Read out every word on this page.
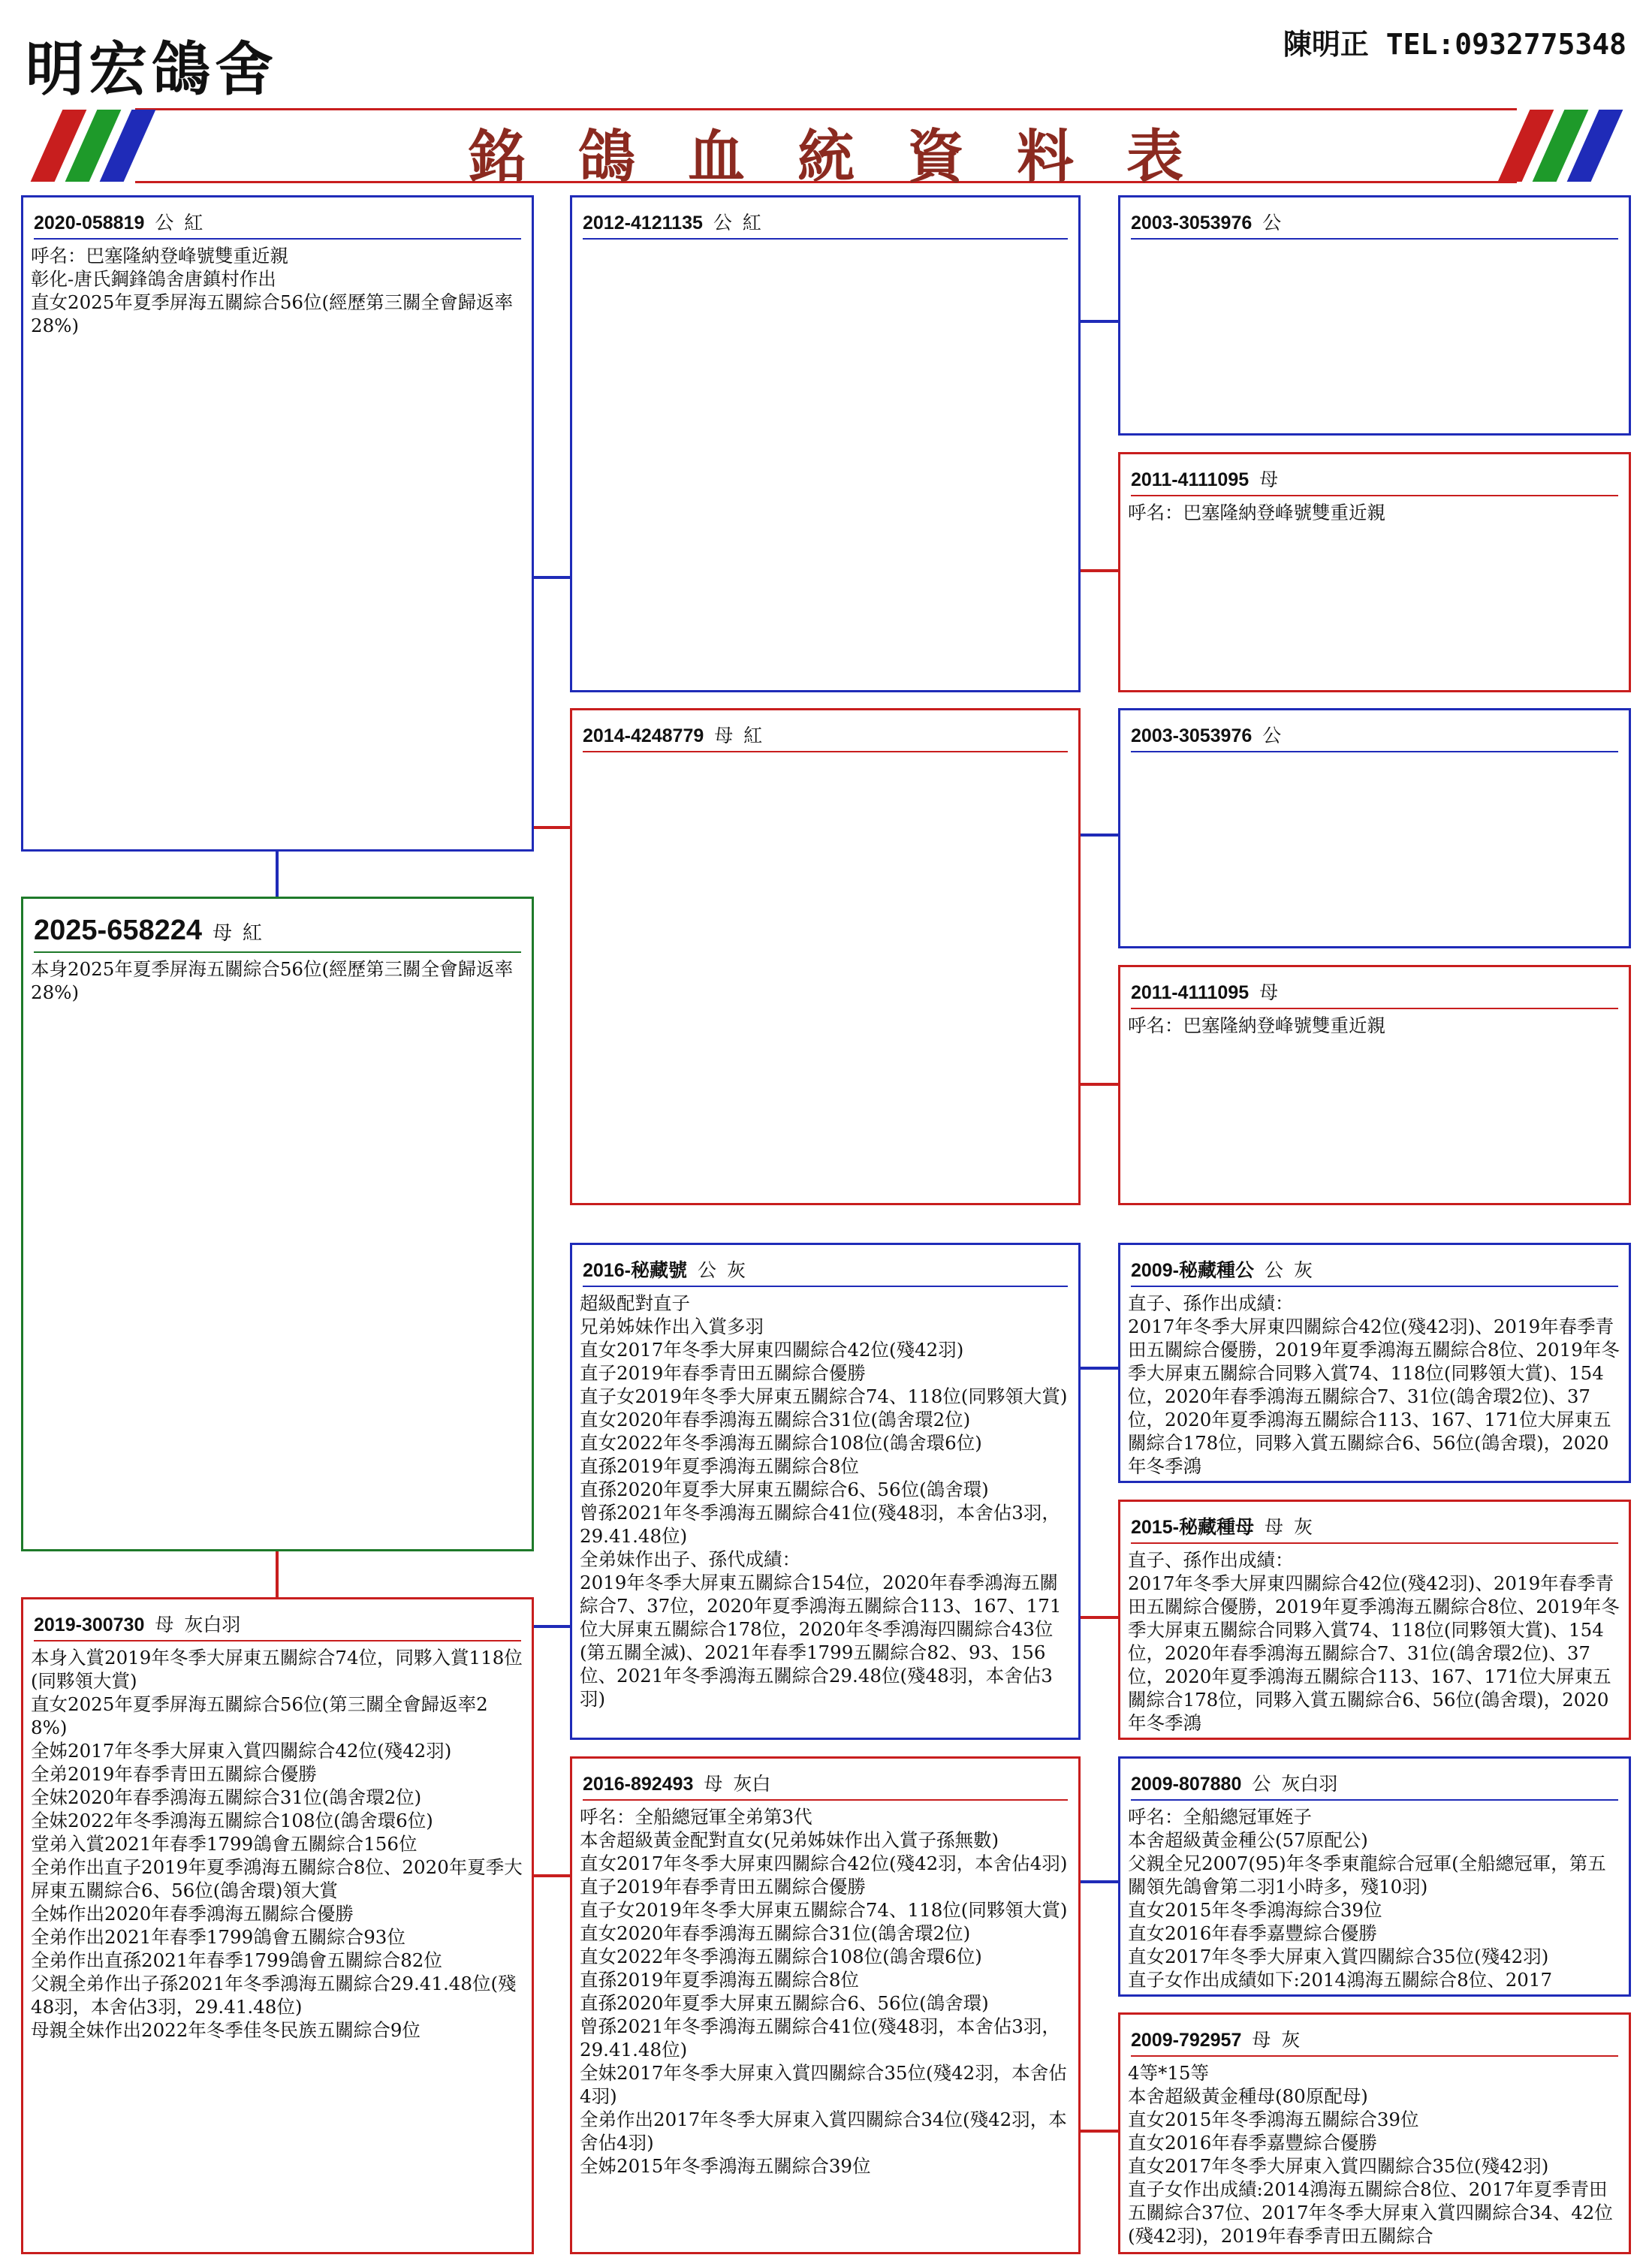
明宏鴿舍	陳明正 TEL:0932775348
銘鴿血統資料表
2020-058819 公 紅
呼名：巴塞隆納登峰號雙重近親
彰化-唐氏鋼鋒鴿舍唐鎮村作出
直女2025年夏季屏海五關綜合56位(經歷第三關全會歸返率28%)
2025-658224 母 紅
本身2025年夏季屏海五關綜合56位(經歷第三關全會歸返率28%)
2019-300730 母 灰白羽
本身入賞2019年冬季大屏東五關綜合74位，同夥入賞118位(同夥領大賞)
直女2025年夏季屏海五關綜合56位(第三關全會歸返率28%)
全姊2017年冬季大屏東入賞四關綜合42位(殘42羽)
全弟2019年春季青田五關綜合優勝
全妹2020年春季鴻海五關綜合31位(鴿舍環2位)
全妹2022年冬季鴻海五關綜合108位(鴿舍環6位)
堂弟入賞2021年春季1799鴿會五關綜合156位
全弟作出直子2019年夏季鴻海五關綜合8位、2020年夏季大屏東五關綜合6、56位(鴿舍環)領大賞
全姊作出2020年春季鴻海五關綜合優勝
全弟作出2021年春季1799鴿會五關綜合93位
全弟作出直孫2021年春季1799鴿會五關綜合82位
父親全弟作出子孫2021年冬季鴻海五關綜合29.41.48位(殘48羽，本舍佔3羽，29.41.48位)
母親全妹作出2022年冬季佳冬民族五關綜合9位
2012-4121135 公 紅
2014-4248779 母 紅
2016-秘藏號 公 灰
超級配對直子
兄弟姊妹作出入賞多羽
直女2017年冬季大屏東四關綜合42位(殘42羽)
直子2019年春季青田五關綜合優勝
直子女2019年冬季大屏東五關綜合74、118位(同夥領大賞)
直女2020年春季鴻海五關綜合31位(鴿舍環2位)
直女2022年冬季鴻海五關綜合108位(鴿舍環6位)
直孫2019年夏季鴻海五關綜合8位
直孫2020年夏季大屏東五關綜合6、56位(鴿舍環)
曾孫2021年冬季鴻海五關綜合41位(殘48羽，本舍佔3羽，29.41.48位)
全弟妹作出子、孫代成績：
2019年冬季大屏東五關綜合154位，2020年春季鴻海五關綜合7、37位，2020年夏季鴻海五關綜合113、167、171位大屏東五關綜合178位，2020年冬季鴻海四關綜合43位(第五關全滅)、2021年春季1799五關綜合82、93、156位、2021年冬季鴻海五關綜合29.48位(殘48羽，本舍佔3羽)
2016-892493 母 灰白
呼名：全船總冠軍全弟第3代
本舍超級黃金配對直女(兄弟姊妹作出入賞子孫無數)
直女2017年冬季大屏東四關綜合42位(殘42羽，本舍佔4羽)
直子2019年春季青田五關綜合優勝
直子女2019年冬季大屏東五關綜合74、118位(同夥領大賞)
直女2020年春季鴻海五關綜合31位(鴿舍環2位)
直女2022年冬季鴻海五關綜合108位(鴿舍環6位)
直孫2019年夏季鴻海五關綜合8位
直孫2020年夏季大屏東五關綜合6、56位(鴿舍環)
曾孫2021年冬季鴻海五關綜合41位(殘48羽，本舍佔3羽，29.41.48位)
全妹2017年冬季大屏東入賞四關綜合35位(殘42羽，本舍佔4羽)
全弟作出2017年冬季大屏東入賞四關綜合34位(殘42羽，本舍佔4羽)
全姊2015年冬季鴻海五關綜合39位
2003-3053976 公
2011-4111095 母
呼名：巴塞隆納登峰號雙重近親
2003-3053976 公
2011-4111095 母
呼名：巴塞隆納登峰號雙重近親
2009-秘藏種公 公 灰
直子、孫作出成績：
2017年冬季大屏東四關綜合42位(殘42羽)、2019年春季青田五關綜合優勝，2019年夏季鴻海五關綜合8位、2019年冬季大屏東五關綜合同夥入賞74、118位(同夥領大賞)、154位，2020年春季鴻海五關綜合7、31位(鴿舍環2位)、37位，2020年夏季鴻海五關綜合113、167、171位大屏東五關綜合178位，同夥入賞五關綜合6、56位(鴿舍環)，2020年冬季鴻
2015-秘藏種母 母 灰
直子、孫作出成績：
2017年冬季大屏東四關綜合42位(殘42羽)、2019年春季青田五關綜合優勝，2019年夏季鴻海五關綜合8位、2019年冬季大屏東五關綜合同夥入賞74、118位(同夥領大賞)、154位，2020年春季鴻海五關綜合7、31位(鴿舍環2位)、37位，2020年夏季鴻海五關綜合113、167、171位大屏東五關綜合178位，同夥入賞五關綜合6、56位(鴿舍環)，2020年冬季鴻
2009-807880 公 灰白羽
呼名：全船總冠軍姪子
本舍超級黃金種公(57原配公)
父親全兄2007(95)年冬季東龍綜合冠軍(全船總冠軍，第五關領先鴿會第二羽1小時多，殘10羽)
直女2015年冬季鴻海綜合39位
直女2016年春季嘉豐綜合優勝
直女2017年冬季大屏東入賞四關綜合35位(殘42羽)
直子女作出成績如下:2014鴻海五關綜合8位、2017
2009-792957 母 灰
4等*15等
本舍超級黃金種母(80原配母)
直女2015年冬季鴻海五關綜合39位
直女2016年春季嘉豐綜合優勝
直女2017年冬季大屏東入賞四關綜合35位(殘42羽)
直子女作出成績:2014鴻海五關綜合8位、2017年夏季青田五關綜合37位、2017年冬季大屏東入賞四關綜合34、42位(殘42羽)，2019年春季青田五關綜合
